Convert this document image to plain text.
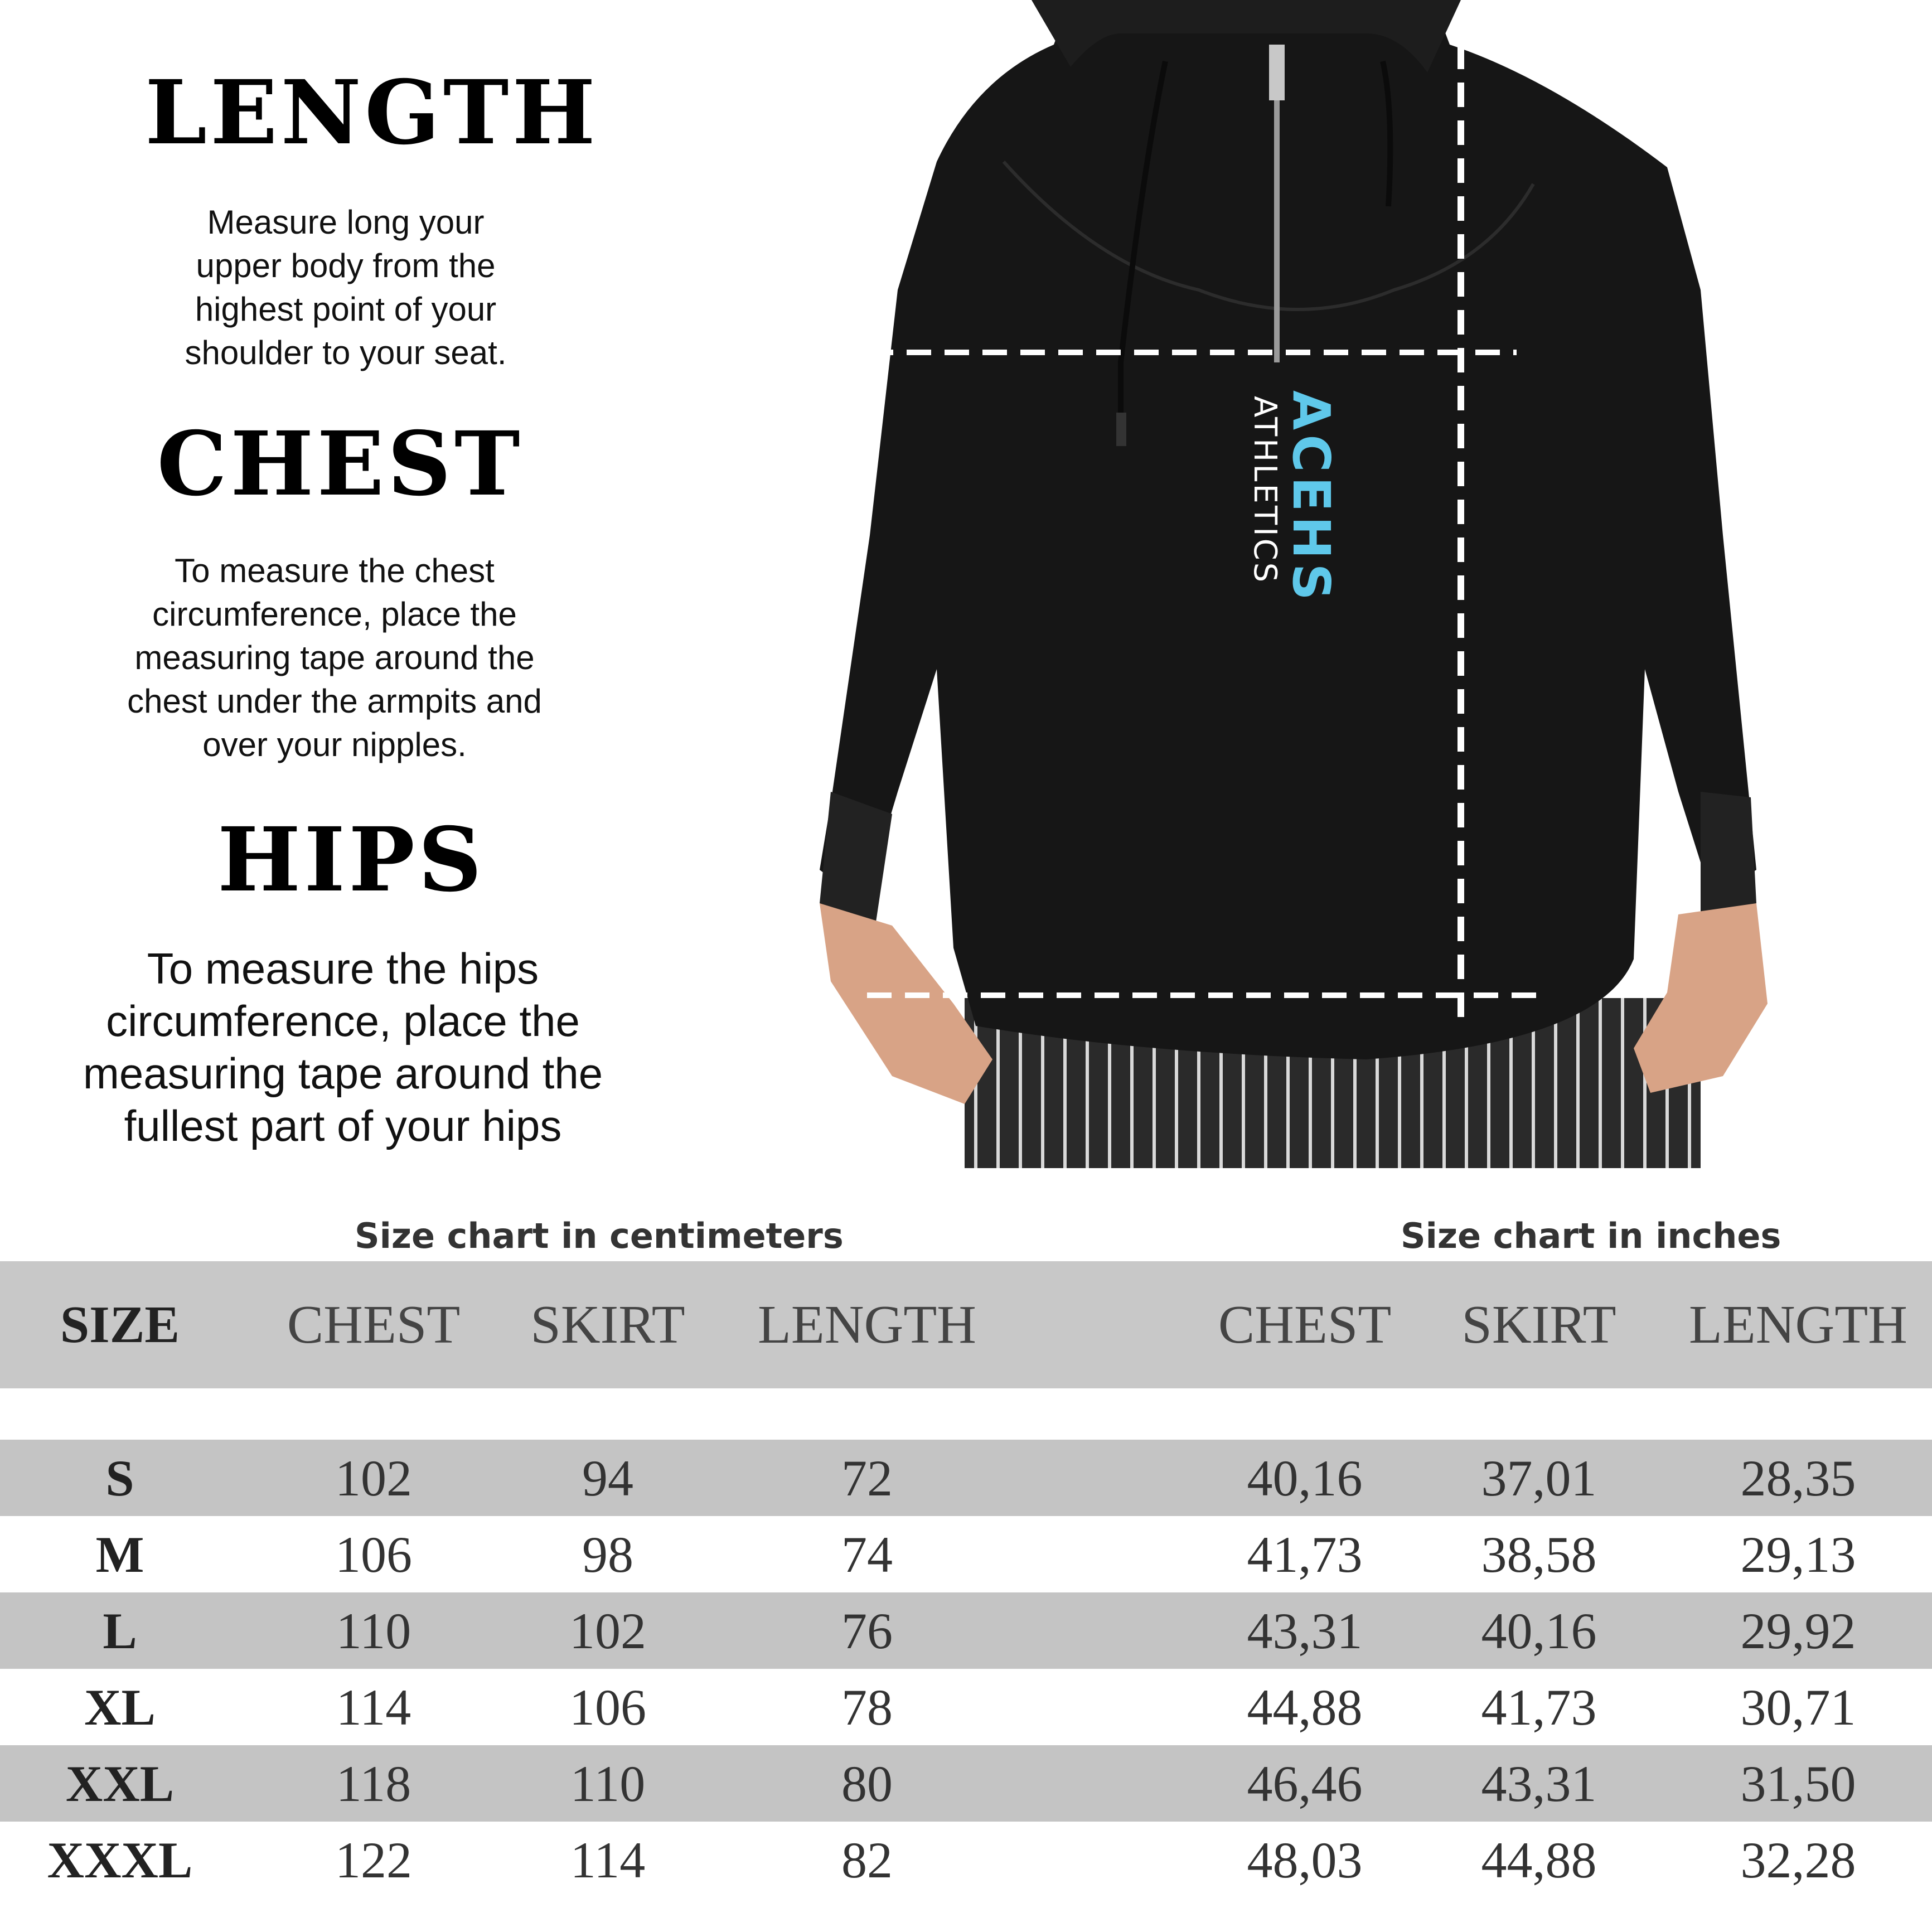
LENGTH
Measure long your
upper body from the
highest point of your
shoulder to your seat.
CHEST
To measure the chest
circumference, place the
measuring tape around the
chest under the armpits and
over your nipples.
HIPS
To measure the hips
circumference, place the
measuring tape around the
fullest part of your hips
ACEHS
ATHLETICS
Size chart in centimeters	Size chart in inches
SIZE	CHEST	SKIRT	LENGTH	CHEST	SKIRT	LENGTH
S	102	94	72	40,16	37,01	28,35
M	106	98	74	41,73	38,58	29,13
L	110	102	76	43,31	40,16	29,92
XL	114	106	78	44,88	41,73	30,71
XXL	118	110	80	46,46	43,31	31,50
XXXL	122	114	82	48,03	44,88	32,28
